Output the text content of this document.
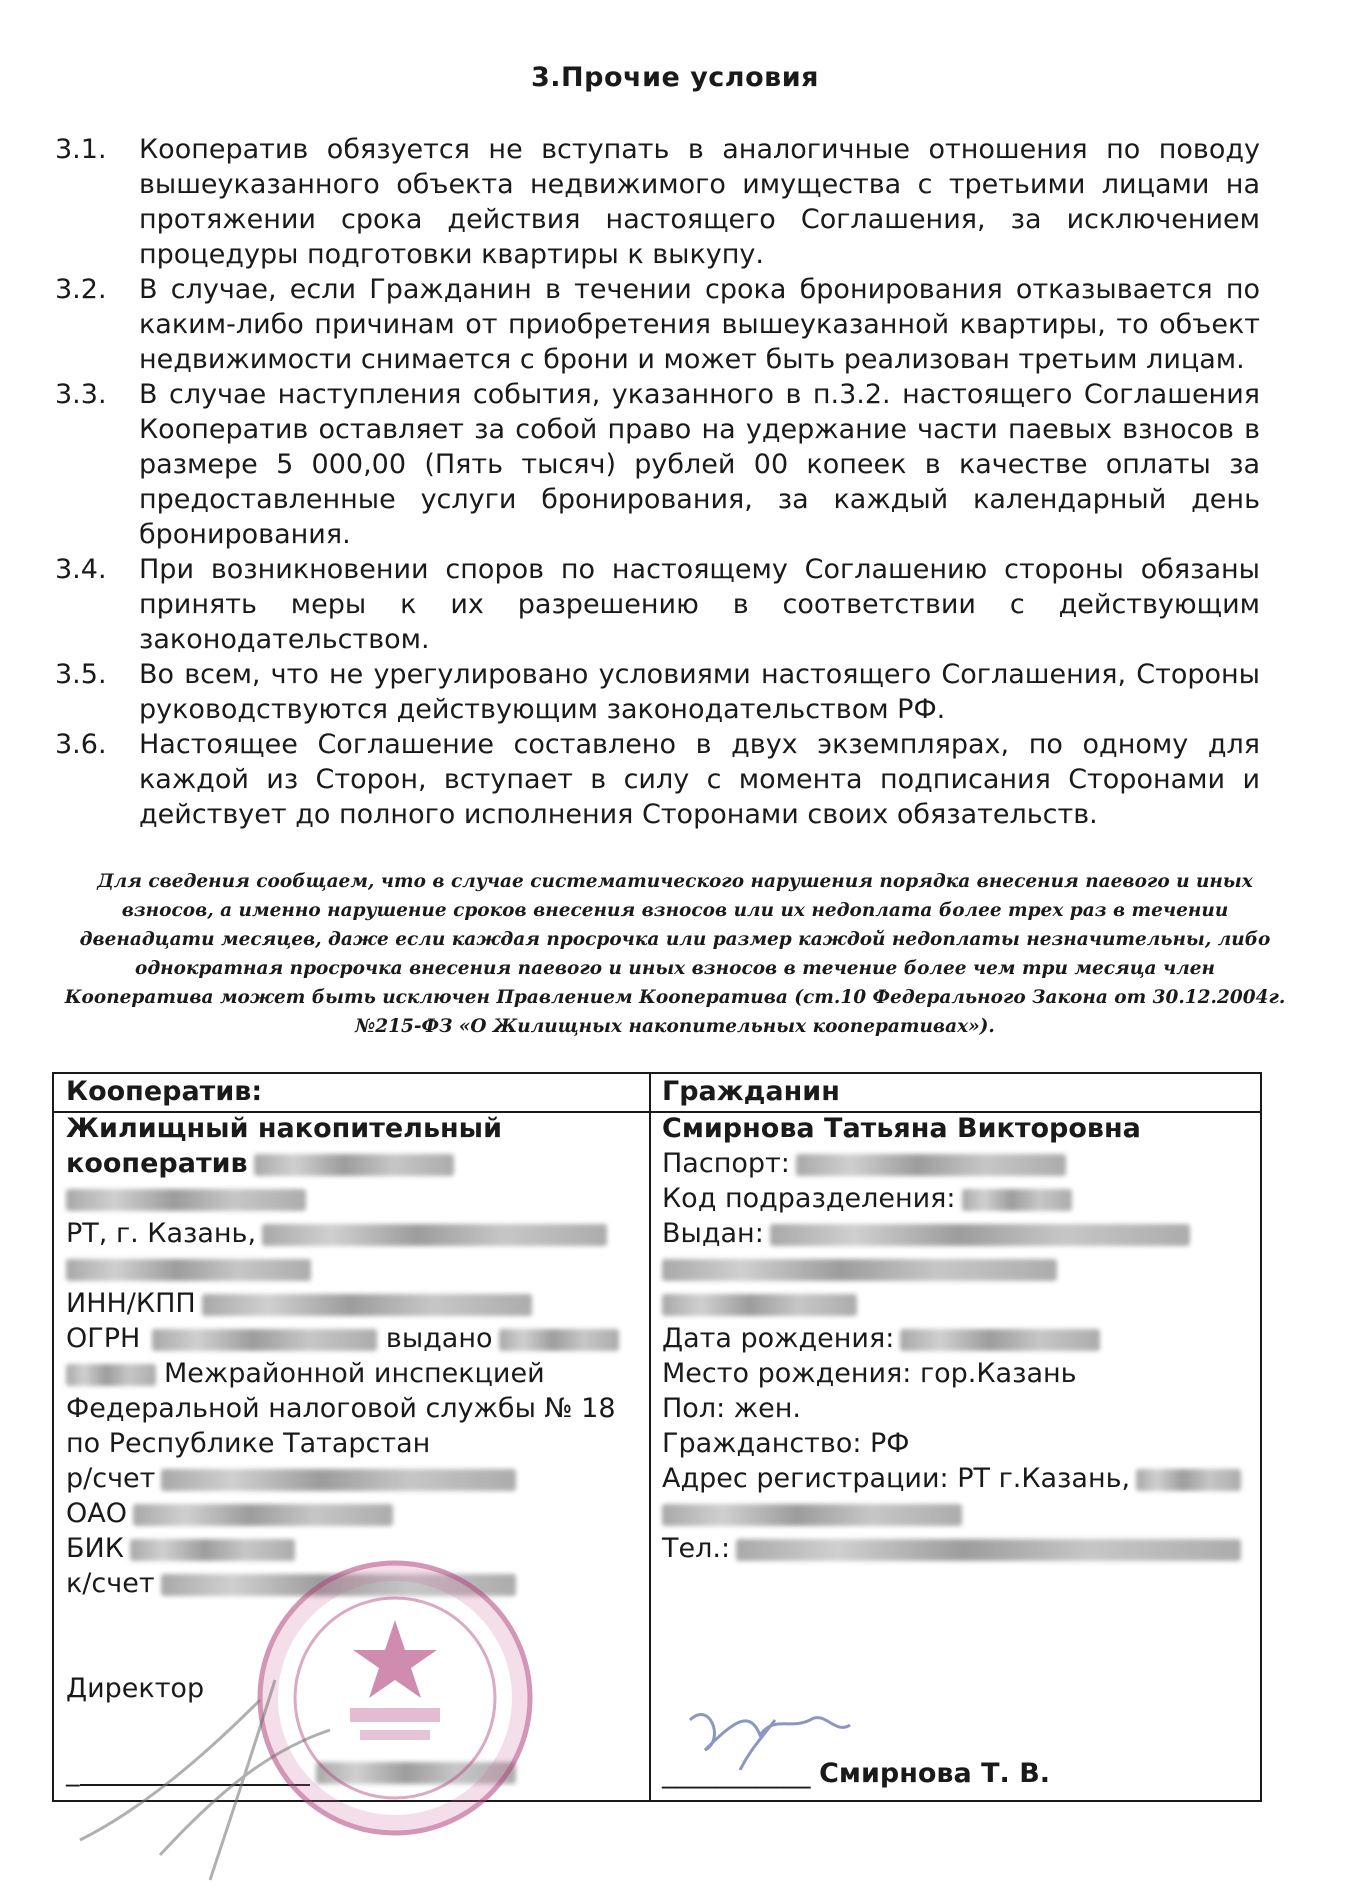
3.Прочие условия
3.1.	Кооператив обязуется не вступать в аналогичные отношения по поводу вышеуказанного объекта недвижимого имущества с третьими лицами на протяжении срока действия настоящего Соглашения, за исключением процедуры подготовки квартиры к выкупу.
3.2.	В случае, если Гражданин в течении срока бронирования отказывается по каким-либо причинам от приобретения вышеуказанной квартиры, то объект недвижимости снимается с брони и может быть реализован третьим лицам.
3.3.	В случае наступления события, указанного в п.3.2. настоящего Соглашения Кооператив оставляет за собой право на удержание части паевых взносов в размере 5 000,00 (Пять тысяч) рублей 00 копеек в качестве оплаты за предоставленные услуги бронирования, за каждый календарный день бронирования.
3.4.	При возникновении споров по настоящему Соглашению стороны обязаны принять меры к их разрешению в соответствии с действующим законодательством.
3.5.	Во всем, что не урегулировано условиями настоящего Соглашения, Стороны руководствуются действующим законодательством РФ.
3.6.	Настоящее Соглашение составлено в двух экземплярах, по одному для каждой из Сторон, вступает в силу с момента подписания Сторонами и действует до полного исполнения Сторонами своих обязательств.
Для сведения сообщаем, что в случае систематического нарушения порядка внесения паевого и иных взносов, а именно нарушение сроков внесения взносов или их недоплата более трех раз в течении двенадцати месяцев, даже если каждая просрочка или размер каждой недоплаты незначительны, либо однократная просрочка внесения паевого и иных взносов в течение более чем три месяца член Кооператива может быть исключен Правлением Кооператива (ст.10 Федерального Закона от 30.12.2004г. №215-ФЗ «О Жилищных накопительных кооперативах»).
Кооператив:
Жилищный накопительный
кооператив
РТ, г. Казань,
ИНН/КПП
ОГРН	выдано
Межрайонной инспекцией
Федеральной налоговой службы № 18
по Республике Татарстан
р/счет
ОАО
БИК
к/счет
Директор
_
Гражданин
Смирнова Татьяна Викторовна
Паспорт:
Код подразделения:
Выдан:
Дата рождения:
Место рождения: гор.Казань
Пол: жен.
Гражданство: РФ
Адрес регистрации: РТ г.Казань,
Тел.:
___________ Смирнова Т. В.
